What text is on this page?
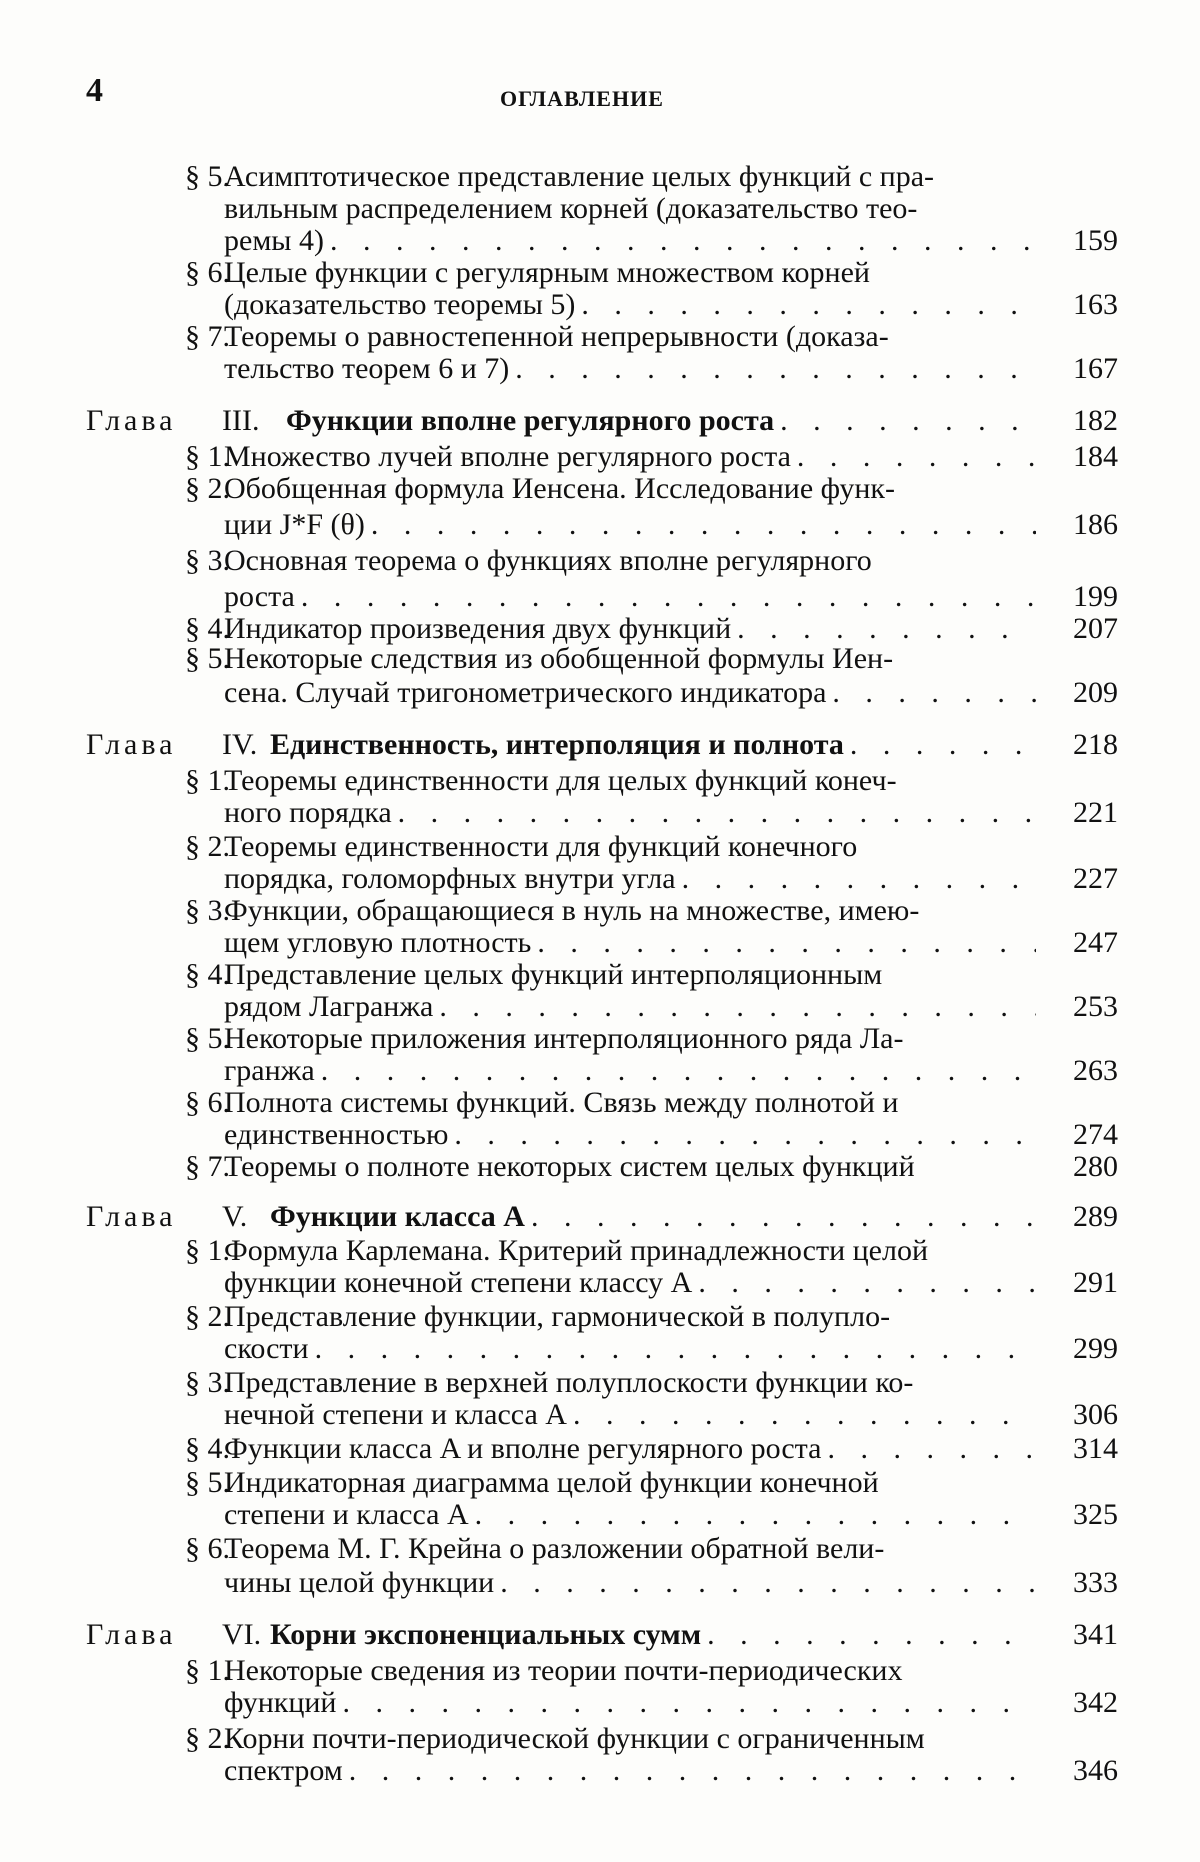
4	ОГЛАВЛЕНИЕ
§ 5.
Асимптотическое представление целых функций с пра-
вильным распределением корней (доказательство тео-
ремы 4) . . . . . . . . . . . . . . . . . . . . .	159
§ 6.
Целые функции с регулярным множеством корней
(доказательство теоремы 5) . . . . . . . . . . . . . .	163
§ 7.
Теоремы о равностепенной непрерывности (доказа-
тельство теорем 6 и 7) . . . . . . . . . . . . . . . .	167
Глава III. Функции вполне регулярного роста . . . . . . . .	182
§ 1.
Множество лучей вполне регулярного роста . . . . . . .	184
§ 2.
Обобщенная формула Иенсена. Исследование функ-
ции J*F (θ) . . . . . . . . . . . . . . . . . . . .	186
§ 3.
Основная теорема о функциях вполне регулярного
роста . . . . . . . . . . . . . . . . . . . . . .	199
§ 4.
Индикатор произведения двух функций . . . . . . . . .	207
§ 5.
Некоторые следствия из обобщенной формулы Иен-
сена. Случай тригонометрического индикатора . . . . . .	209
Глава IV. Единственность, интерполяция и полнота . . . . . .	218
§ 1.
Теоремы единственности для целых функций конеч-
ного порядка . . . . . . . . . . . . . . . . . . .	221
§ 2.
Теоремы единственности для функций конечного
порядка, голоморфных внутри угла . . . . . . . . . . .	227
§ 3.
Функции, обращающиеся в нуль на множестве, имею-
щем угловую плотность . . . . . . . . . . . . . . .	247
§ 4.
Представление целых функций интерполяционным
рядом Лагранжа . . . . . . . . . . . . . . . . . .	253
§ 5.
Некоторые приложения интерполяционного ряда Ла-
гранжа . . . . . . . . . . . . . . . . . . . . . .	263
§ 6.
Полнота системы функций. Связь между полнотой и
единственностью . . . . . . . . . . . . . . . . . .	274
§ 7.
Теоремы о полноте некоторых систем целых функций	280
Глава V. Функции класса A . . . . . . . . . . . . . . .	289
§ 1.
Формула Карлемана. Критерий принадлежности целой
функции конечной степени классу A . . . . . . . . . .	291
§ 2.
Представление функции, гармонической в полупло-
скости . . . . . . . . . . . . . . . . . . . . . .	299
§ 3.
Представление в верхней полуплоскости функции ко-
нечной степени и класса A . . . . . . . . . . . . . .	306
§ 4.
Функции класса A и вполне регулярного роста . . . . . .	314
§ 5.
Индикаторная диаграмма целой функции конечной
степени и класса A . . . . . . . . . . . . . . . . .	325
§ 6.
Теорема М. Г. Крейна о разложении обратной вели-
чины целой функции . . . . . . . . . . . . . . . .	333
Глава VI. Корни экспоненциальных сумм . . . . . . . . . .	341
§ 1.
Некоторые сведения из теории почти-периодических
функций . . . . . . . . . . . . . . . . . . . . .	342
§ 2.
Корни почти-периодической функции с ограниченным
спектром . . . . . . . . . . . . . . . . . . . . .	346
